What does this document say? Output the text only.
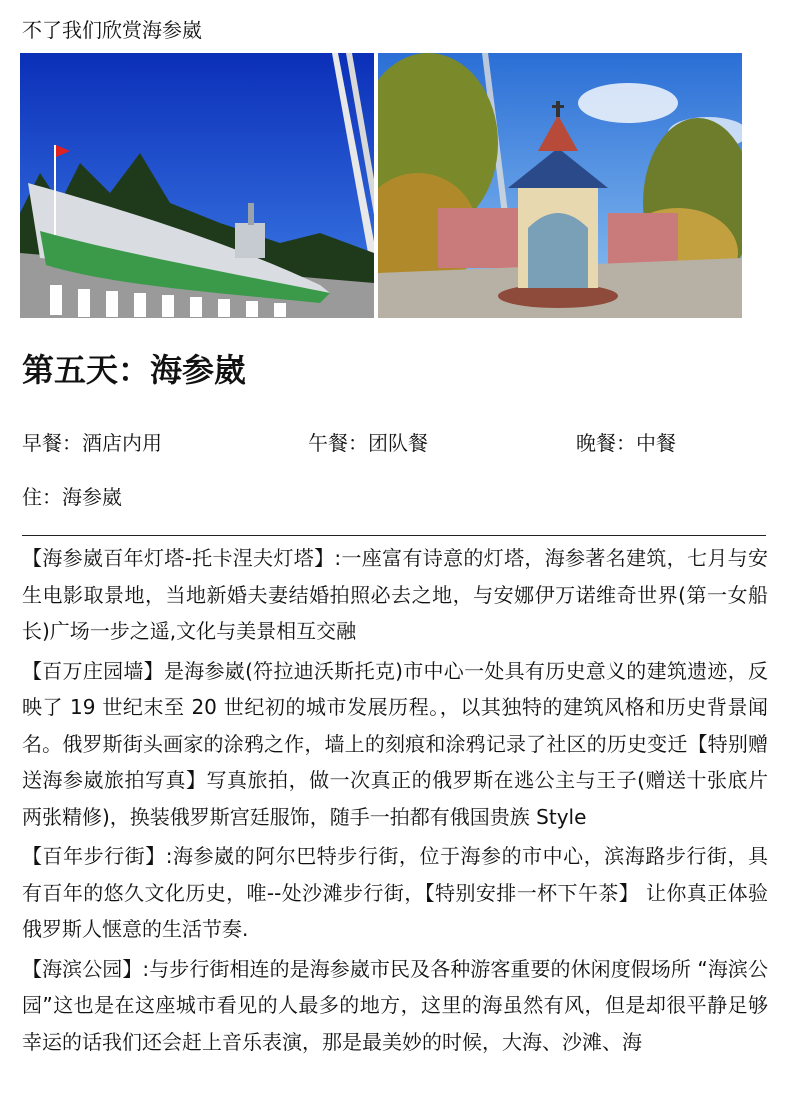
不了我们欣赏海参崴
第五天：海参崴
早餐：酒店内用	午餐：团队餐	晚餐：中餐
住：海参崴

【海参崴百年灯塔-托卡涅夫灯塔】:一座富有诗意的灯塔，海参著名建筑，七月与安生电影取景地，当地新婚夫妻结婚拍照必去之地，与安娜伊万诺维奇世界(第一女船长)广场一步之遥,文化与美景相互交融

【百万庄园墙】是海参崴(符拉迪沃斯托克)市中心一处具有历史意义的建筑遗迹，反映了 19 世纪末至 20 世纪初的城市发展历程。，以其独特的建筑风格和历史背景闻名。俄罗斯街头画家的涂鸦之作，墙上的刻痕和涂鸦记录了社区的历史变迁【特别赠送海参崴旅拍写真】写真旅拍，做一次真正的俄罗斯在逃公主与王子(赠送十张底片两张精修)，换装俄罗斯宫廷服饰，随手一拍都有俄国贵族 Style

【百年步行街】:海参崴的阿尔巴特步行街，位于海参的市中心，滨海路步行街，具有百年的悠久文化历史，唯--处沙滩步行街，【特别安排一杯下午茶】 让你真正体验俄罗斯人惬意的生活节奏.

【海滨公园】:与步行街相连的是海参崴市民及各种游客重要的休闲度假场所 “海滨公园”这也是在这座城市看见的人最多的地方，这里的海虽然有风，但是却很平静足够幸运的话我们还会赶上音乐表演，那是最美妙的时候，大海、沙滩、海
